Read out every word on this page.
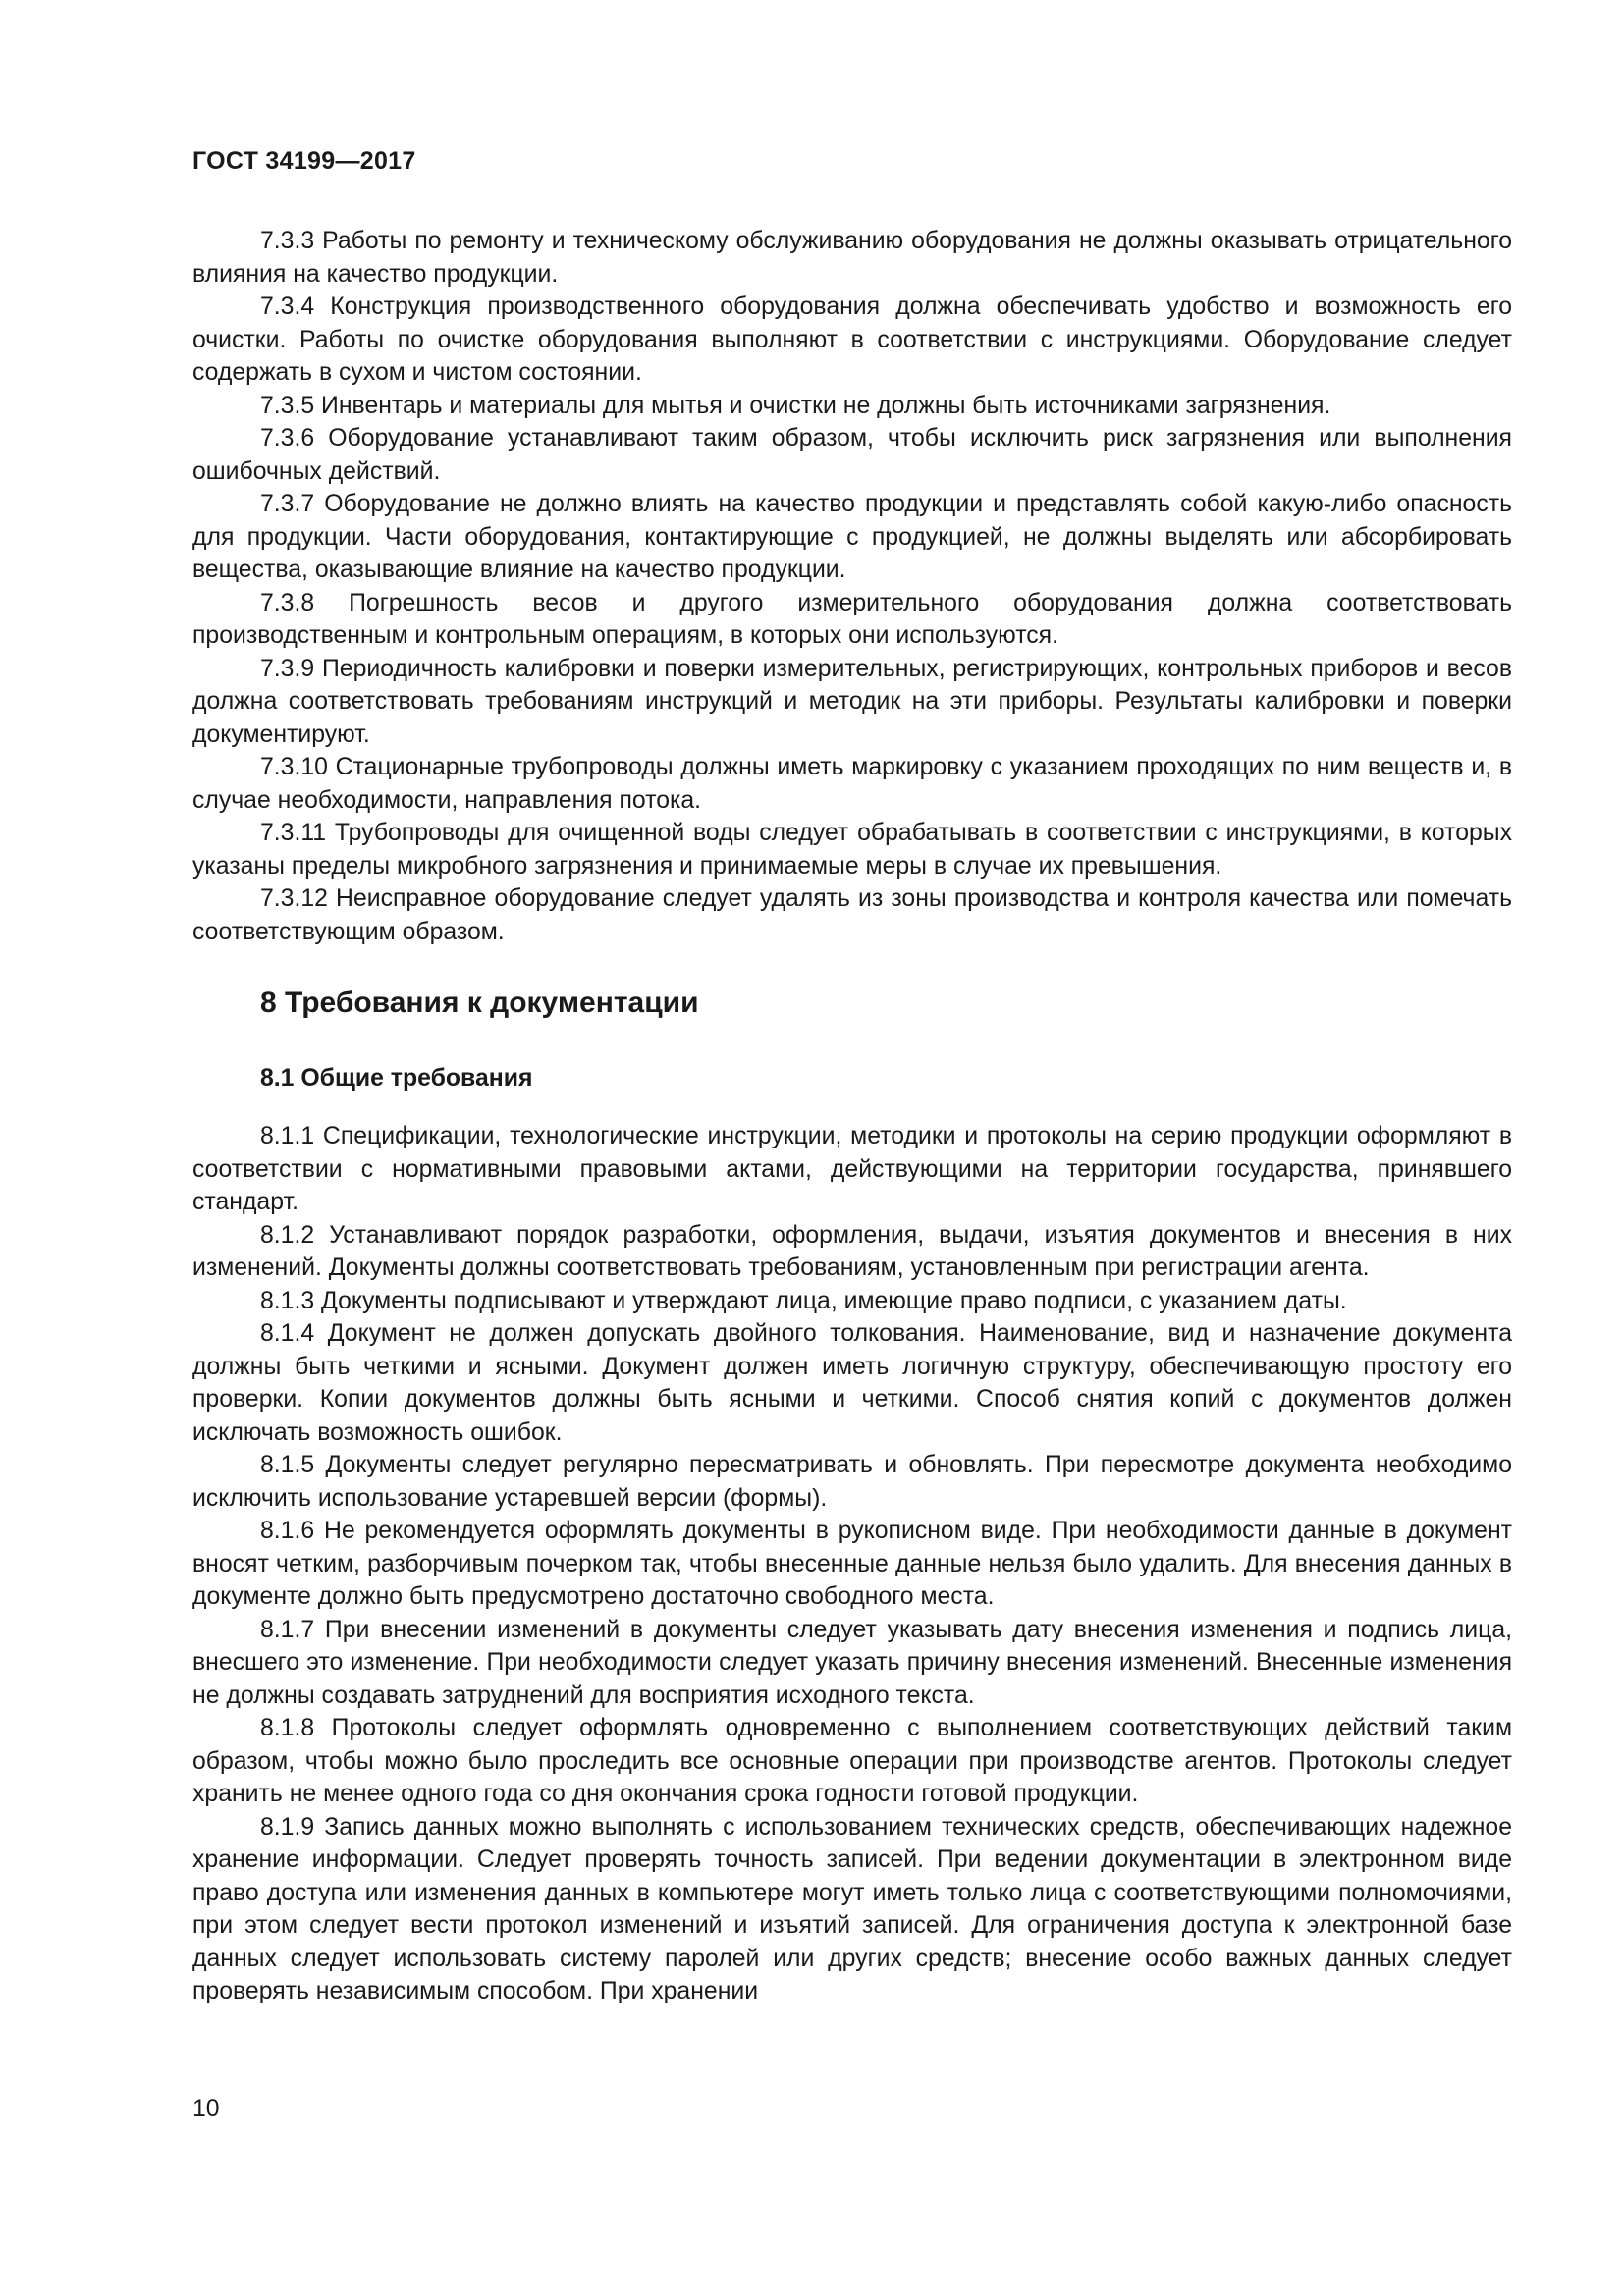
ГОСТ 34199—2017

7.3.3 Работы по ремонту и техническому обслуживанию оборудования не должны оказывать отрицательного влияния на качество продукции.

7.3.4 Конструкция производственного оборудования должна обеспечивать удобство и возможность его очистки. Работы по очистке оборудования выполняют в соответствии с инструкциями. Оборудование следует содержать в сухом и чистом состоянии.

7.3.5 Инвентарь и материалы для мытья и очистки не должны быть источниками загрязнения.

7.3.6 Оборудование устанавливают таким образом, чтобы исключить риск загрязнения или выполнения ошибочных действий.

7.3.7 Оборудование не должно влиять на качество продукции и представлять собой какую-либо опасность для продукции. Части оборудования, контактирующие с продукцией, не должны выделять или абсорбировать вещества, оказывающие влияние на качество продукции.

7.3.8 Погрешность весов и другого измерительного оборудования должна соответствовать производственным и контрольным операциям, в которых они используются.

7.3.9 Периодичность калибровки и поверки измерительных, регистрирующих, контрольных приборов и весов должна соответствовать требованиям инструкций и методик на эти приборы. Результаты калибровки и поверки документируют.

7.3.10 Стационарные трубопроводы должны иметь маркировку с указанием проходящих по ним веществ и, в случае необходимости, направления потока.

7.3.11 Трубопроводы для очищенной воды следует обрабатывать в соответствии с инструкциями, в которых указаны пределы микробного загрязнения и принимаемые меры в случае их превышения.

7.3.12 Неисправное оборудование следует удалять из зоны производства и контроля качества или помечать соответствующим образом.

8 Требования к документации
8.1 Общие требования

8.1.1 Спецификации, технологические инструкции, методики и протоколы на серию продукции оформляют в соответствии с нормативными правовыми актами, действующими на территории государства, принявшего стандарт.

8.1.2 Устанавливают порядок разработки, оформления, выдачи, изъятия документов и внесения в них изменений. Документы должны соответствовать требованиям, установленным при регистрации агента.

8.1.3 Документы подписывают и утверждают лица, имеющие право подписи, с указанием даты.

8.1.4 Документ не должен допускать двойного толкования. Наименование, вид и назначение документа должны быть четкими и ясными. Документ должен иметь логичную структуру, обеспечивающую простоту его проверки. Копии документов должны быть ясными и четкими. Способ снятия копий с документов должен исключать возможность ошибок.

8.1.5 Документы следует регулярно пересматривать и обновлять. При пересмотре документа необходимо исключить использование устаревшей версии (формы).

8.1.6 Не рекомендуется оформлять документы в рукописном виде. При необходимости данные в документ вносят четким, разборчивым почерком так, чтобы внесенные данные нельзя было удалить. Для внесения данных в документе должно быть предусмотрено достаточно свободного места.

8.1.7 При внесении изменений в документы следует указывать дату внесения изменения и подпись лица, внесшего это изменение. При необходимости следует указать причину внесения изменений. Внесенные изменения не должны создавать затруднений для восприятия исходного текста.

8.1.8 Протоколы следует оформлять одновременно с выполнением соответствующих действий таким образом, чтобы можно было проследить все основные операции при производстве агентов. Протоколы следует хранить не менее одного года со дня окончания срока годности готовой продукции.

8.1.9 Запись данных можно выполнять с использованием технических средств, обеспечивающих надежное хранение информации. Следует проверять точность записей. При ведении документации в электронном виде право доступа или изменения данных в компьютере могут иметь только лица с соответствующими полномочиями, при этом следует вести протокол изменений и изъятий записей. Для ограничения доступа к электронной базе данных следует использовать систему паролей или других средств; внесение особо важных данных следует проверять независимым способом. При хранении

10
